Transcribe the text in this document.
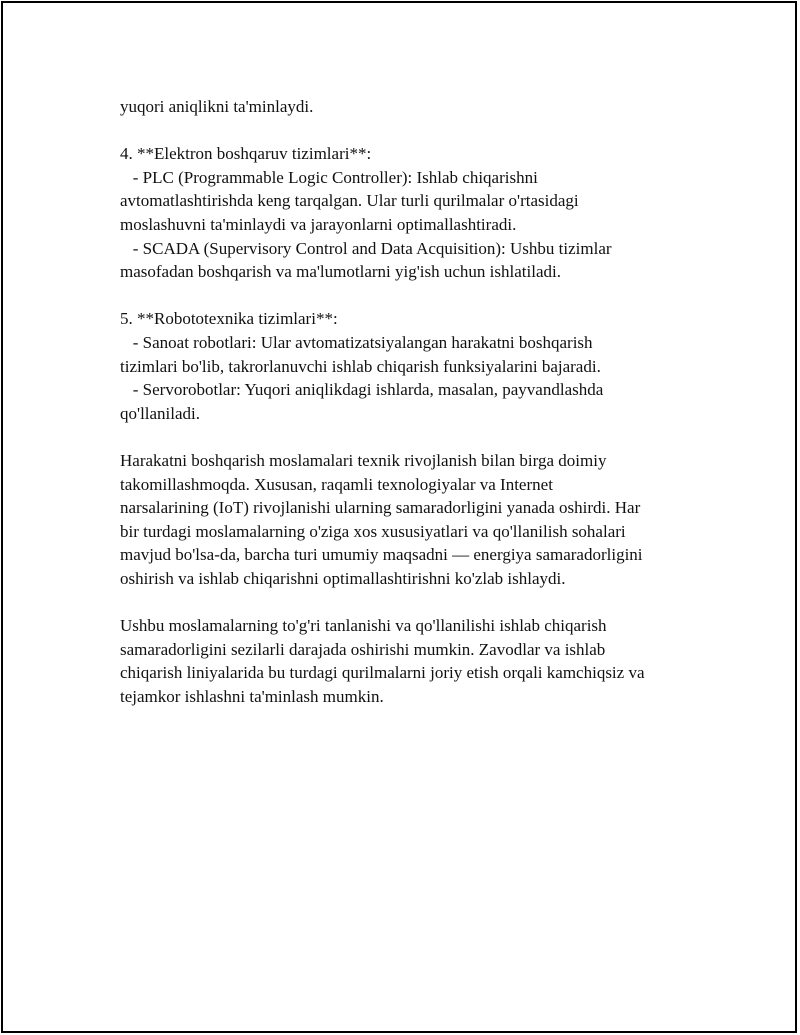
yuqori aniqlikni ta'minlaydi.
4. **Elektron boshqaruv tizimlari**:
- PLC (Programmable Logic Controller): Ishlab chiqarishni
avtomatlashtirishda keng tarqalgan. Ular turli qurilmalar o'rtasidagi
moslashuvni ta'minlaydi va jarayonlarni optimallashtiradi.
- SCADA (Supervisory Control and Data Acquisition): Ushbu tizimlar
masofadan boshqarish va ma'lumotlarni yig'ish uchun ishlatiladi.
5. **Robototexnika tizimlari**:
- Sanoat robotlari: Ular avtomatizatsiyalangan harakatni boshqarish
tizimlari bo'lib, takrorlanuvchi ishlab chiqarish funksiyalarini bajaradi.
- Servorobotlar: Yuqori aniqlikdagi ishlarda, masalan, payvandlashda
qo'llaniladi.
Harakatni boshqarish moslamalari texnik rivojlanish bilan birga doimiy
takomillashmoqda. Xususan, raqamli texnologiyalar va Internet
narsalarining (IoT) rivojlanishi ularning samaradorligini yanada oshirdi. Har
bir turdagi moslamalarning o'ziga xos xususiyatlari va qo'llanilish sohalari
mavjud bo'lsa-da, barcha turi umumiy maqsadni — energiya samaradorligini
oshirish va ishlab chiqarishni optimallashtirishni ko'zlab ishlaydi.
Ushbu moslamalarning to'g'ri tanlanishi va qo'llanilishi ishlab chiqarish
samaradorligini sezilarli darajada oshirishi mumkin. Zavodlar va ishlab
chiqarish liniyalarida bu turdagi qurilmalarni joriy etish orqali kamchiqsiz va
tejamkor ishlashni ta'minlash mumkin.
